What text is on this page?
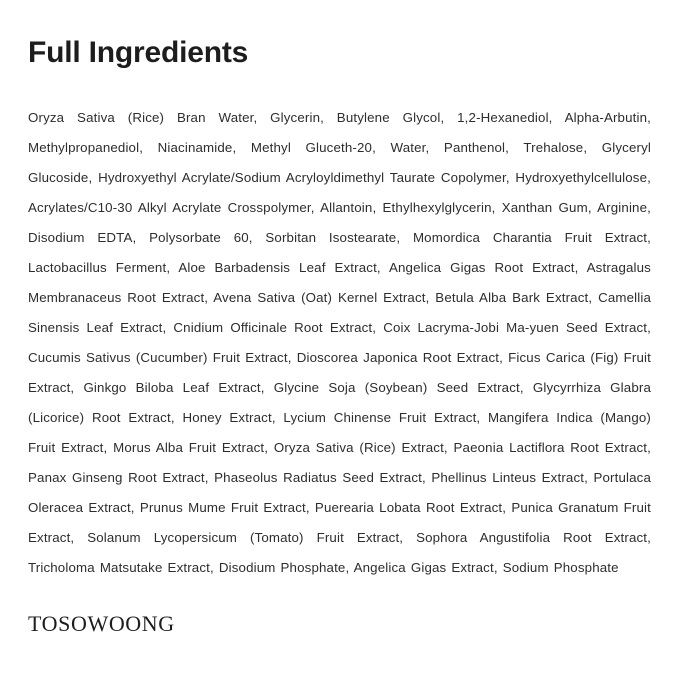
Full Ingredients
Oryza Sativa (Rice) Bran Water, Glycerin, Butylene Glycol, 1,2-Hexanediol, Alpha-Arbutin, Methylpropanediol, Niacinamide, Methyl Gluceth-20, Water, Panthenol, Trehalose, Glyceryl Glucoside, Hydroxyethyl Acrylate/Sodium Acryloyldimethyl Taurate Copolymer, Hydroxyethylcellulose, Acrylates/C10-30 Alkyl Acrylate Crosspolymer, Allantoin, Ethylhexylglycerin, Xanthan Gum, Arginine, Disodium EDTA, Polysorbate 60, Sorbitan Isostearate, Momordica Charantia Fruit Extract, Lactobacillus Ferment, Aloe Barbadensis Leaf Extract, Angelica Gigas Root Extract, Astragalus Membranaceus Root Extract, Avena Sativa (Oat) Kernel Extract, Betula Alba Bark Extract, Camellia Sinensis Leaf Extract, Cnidium Officinale Root Extract, Coix Lacryma-Jobi Ma-yuen Seed Extract, Cucumis Sativus (Cucumber) Fruit Extract, Dioscorea Japonica Root Extract, Ficus Carica (Fig) Fruit Extract, Ginkgo Biloba Leaf Extract, Glycine Soja (Soybean) Seed Extract, Glycyrrhiza Glabra (Licorice) Root Extract, Honey Extract, Lycium Chinense Fruit Extract, Mangifera Indica (Mango) Fruit Extract, Morus Alba Fruit Extract, Oryza Sativa (Rice) Extract, Paeonia Lactiflora Root Extract, Panax Ginseng Root Extract, Phaseolus Radiatus Seed Extract, Phellinus Linteus Extract, Portulaca Oleracea Extract, Prunus Mume Fruit Extract, Puerearia Lobata Root Extract, Punica Granatum Fruit Extract, Solanum Lycopersicum (Tomato) Fruit Extract, Sophora Angustifolia Root Extract, Tricholoma Matsutake Extract, Disodium Phosphate, Angelica Gigas Extract, Sodium Phosphate
TOSOWOONG
